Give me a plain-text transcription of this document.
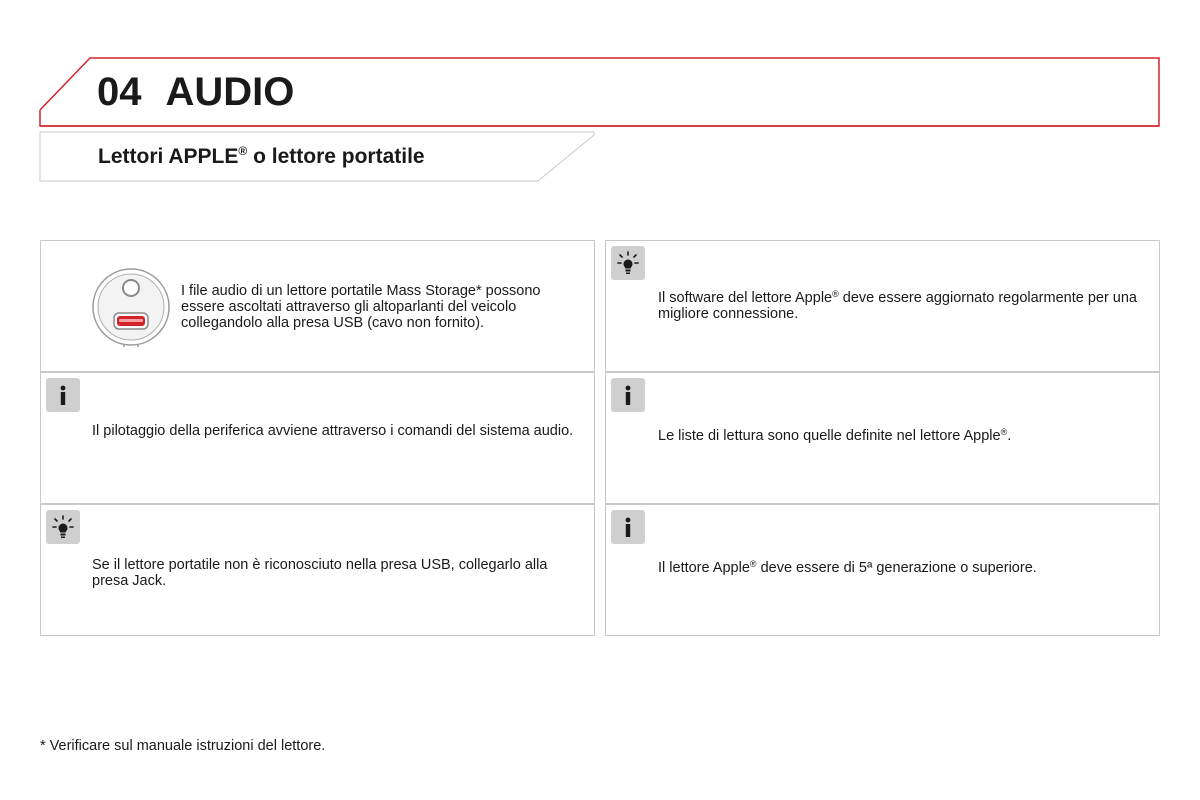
04 AUDIO
Lettori APPLE® o lettore portatile
I file audio di un lettore portatile Mass Storage* possono essere ascoltati attraverso gli altoparlanti del veicolo collegandolo alla presa USB (cavo non fornito).
Il software del lettore Apple® deve essere aggiornato regolarmente per una migliore connessione.
Il pilotaggio della periferica avviene attraverso i comandi del sistema audio.	Le liste di lettura sono quelle definite nel lettore Apple®.
Se il lettore portatile non è riconosciuto nella presa USB, collegarlo alla presa Jack.
Il lettore Apple® deve essere di 5ª generazione o superiore.
* Verificare sul manuale istruzioni del lettore.
